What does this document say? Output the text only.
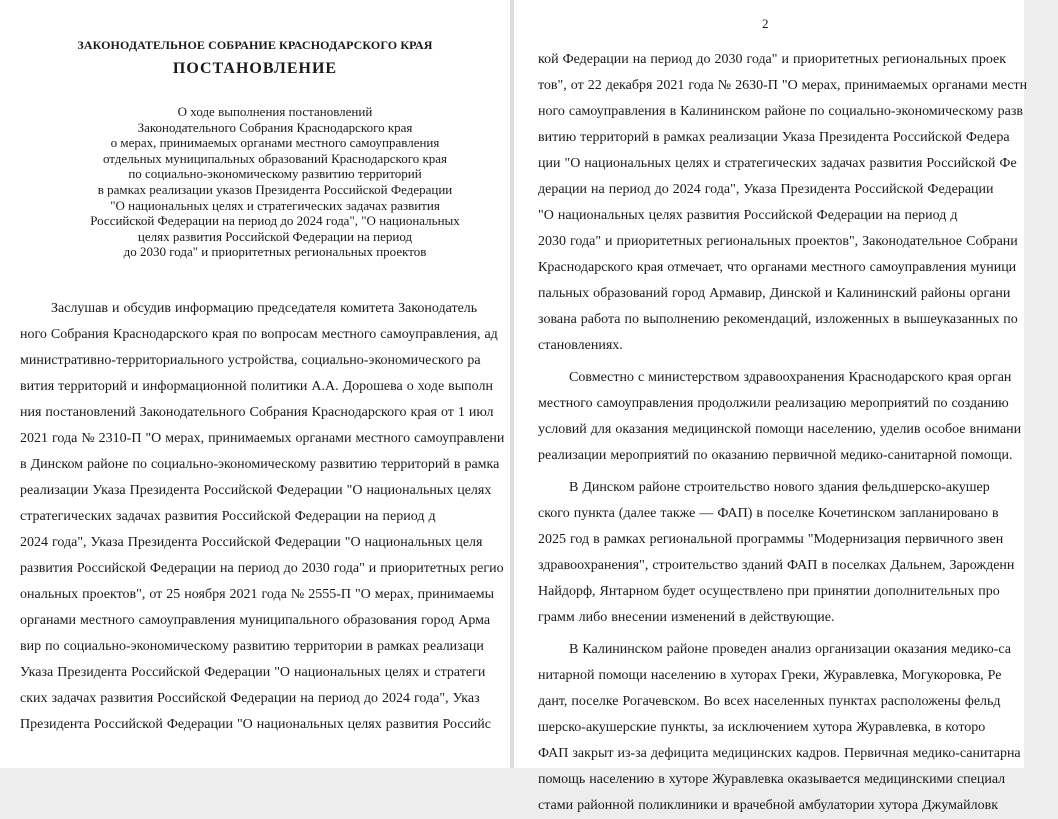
ЗАКОНОДАТЕЛЬНОЕ СОБРАНИЕ КРАСНОДАРСКОГО КРАЯ
ПОСТАНОВЛЕНИЕ
О ходе выполнения постановлений
Законодательного Собрания Краснодарского края
о мерах, принимаемых органами местного самоуправления
отдельных муниципальных образований Краснодарского края
по социально-экономическому развитию территорий
в рамках реализации указов Президента Российской Федерации
"О национальных целях и стратегических задачах развития
Российской Федерации на период до 2024 года", "О национальных
целях развития Российской Федерации на период
до 2030 года" и приоритетных региональных проектов
Заслушав и обсудив информацию председателя комитета Законодатель
ного Собрания Краснодарского края по вопросам местного самоуправления, ад
министративно-территориального устройства, социально-экономического ра
вития территорий и информационной политики А.А. Дорошева о ходе выполн
ния постановлений Законодательного Собрания Краснодарского края от 1 июл
2021 года № 2310-П "О мерах, принимаемых органами местного самоуправлени
в Динском районе по социально-экономическому развитию территорий в рамка
реализации Указа Президента Российской Федерации "О национальных целях
стратегических задачах развития Российской Федерации на период д
2024 года", Указа Президента Российской Федерации "О национальных целя
развития Российской Федерации на период до 2030 года" и приоритетных регио
ональных проектов", от 25 ноября 2021 года № 2555-П "О мерах, принимаемы
органами местного самоуправления муниципального образования город Арма
вир по социально-экономическому развитию территории в рамках реализаци
Указа Президента Российской Федерации "О национальных целях и стратеги
ских задачах развития Российской Федерации на период до 2024 года", Указ
Президента Российской Федерации "О национальных целях развития Российс
2
кой Федерации на период до 2030 года" и приоритетных региональных проек
тов", от 22 декабря 2021 года № 2630-П "О мерах, принимаемых органами местн
ного самоуправления в Калининском районе по социально-экономическому разв
витию территорий в рамках реализации Указа Президента Российской Федера
ции "О национальных целях и стратегических задачах развития Российской Фе
дерации на период до 2024 года", Указа Президента Российской Федерации
"О национальных целях развития Российской Федерации на период д
2030 года" и приоритетных региональных проектов", Законодательное Собрани
Краснодарского края отмечает, что органами местного самоуправления муници
пальных образований город Армавир, Динской и Калининский районы органи
зована работа по выполнению рекомендаций, изложенных в вышеуказанных по
становлениях.
Совместно с министерством здравоохранения Краснодарского края орган
местного самоуправления продолжили реализацию мероприятий по созданию
условий для оказания медицинской помощи населению, уделив особое внимани
реализации мероприятий по оказанию первичной медико-санитарной помощи.
В Динском районе строительство нового здания фельдшерско-акушер
ского пункта (далее также — ФАП) в поселке Кочетинском запланировано в
2025 год в рамках региональной программы "Модернизация первичного звен
здравоохранения", строительство зданий ФАП в поселках Дальнем, Зарожденн
Найдорф, Янтарном будет осуществлено при принятии дополнительных про
грамм либо внесении изменений в действующие.
В Калининском районе проведен анализ организации оказания медико-са
нитарной помощи населению в хуторах Греки, Журавлевка, Могукоровка, Ре
дант, поселке Рогачевском. Во всех населенных пунктах расположены фельд
шерско-акушерские пункты, за исключением хутора Журавлевка, в которо
ФАП закрыт из-за дефицита медицинских кадров. Первичная медико-санитарна
помощь населению в хуторе Журавлевка оказывается медицинскими специал
стами районной поликлиники и врачебной амбулатории хутора Джумайловк
